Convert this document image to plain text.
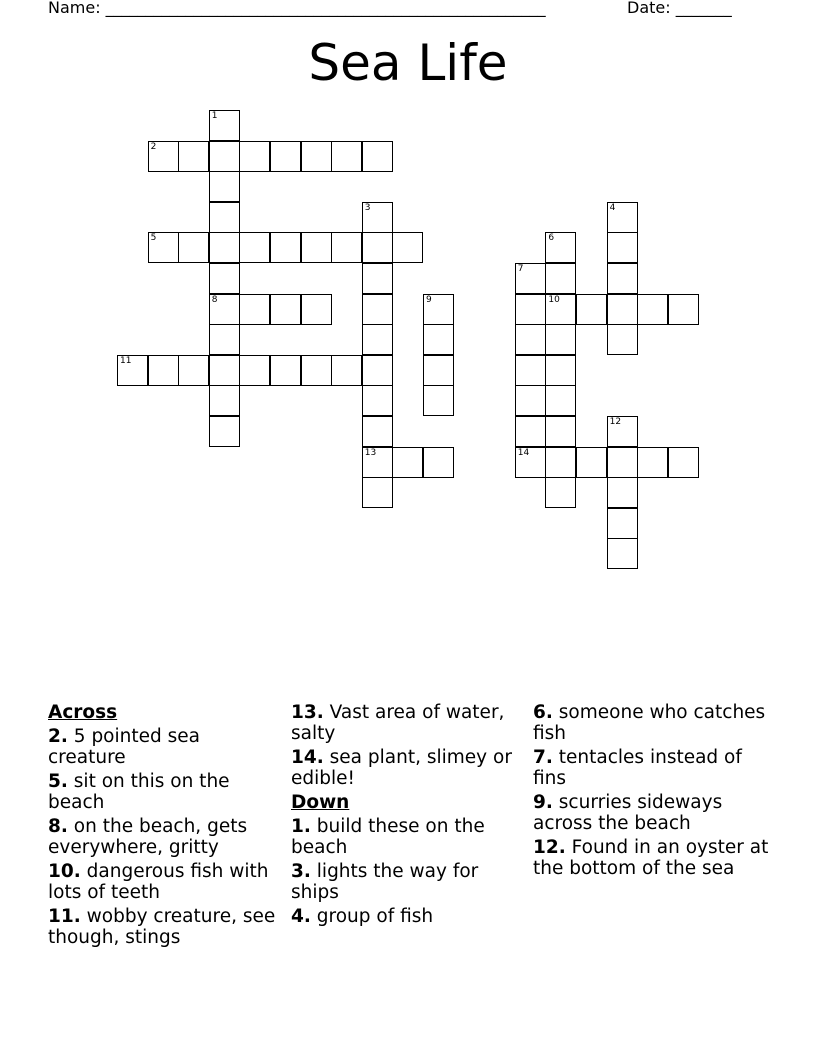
Name: _______________________________________________________	Date: _______
Sea Life
1
2
3	4
5	6
7
8	9	10
11
12
13	14
Across
2. 5 pointed sea creature
5. sit on this on the beach
8. on the beach, gets everywhere, gritty
10. dangerous fish with lots of teeth
11. wobby creature, see though, stings
13. Vast area of water, salty
14. sea plant, slimey or edible!
Down
1. build these on the beach
3. lights the way for ships
4. group of fish
6. someone who catches fish
7. tentacles instead of fins
9. scurries sideways across the beach
12. Found in an oyster at the bottom of the sea
